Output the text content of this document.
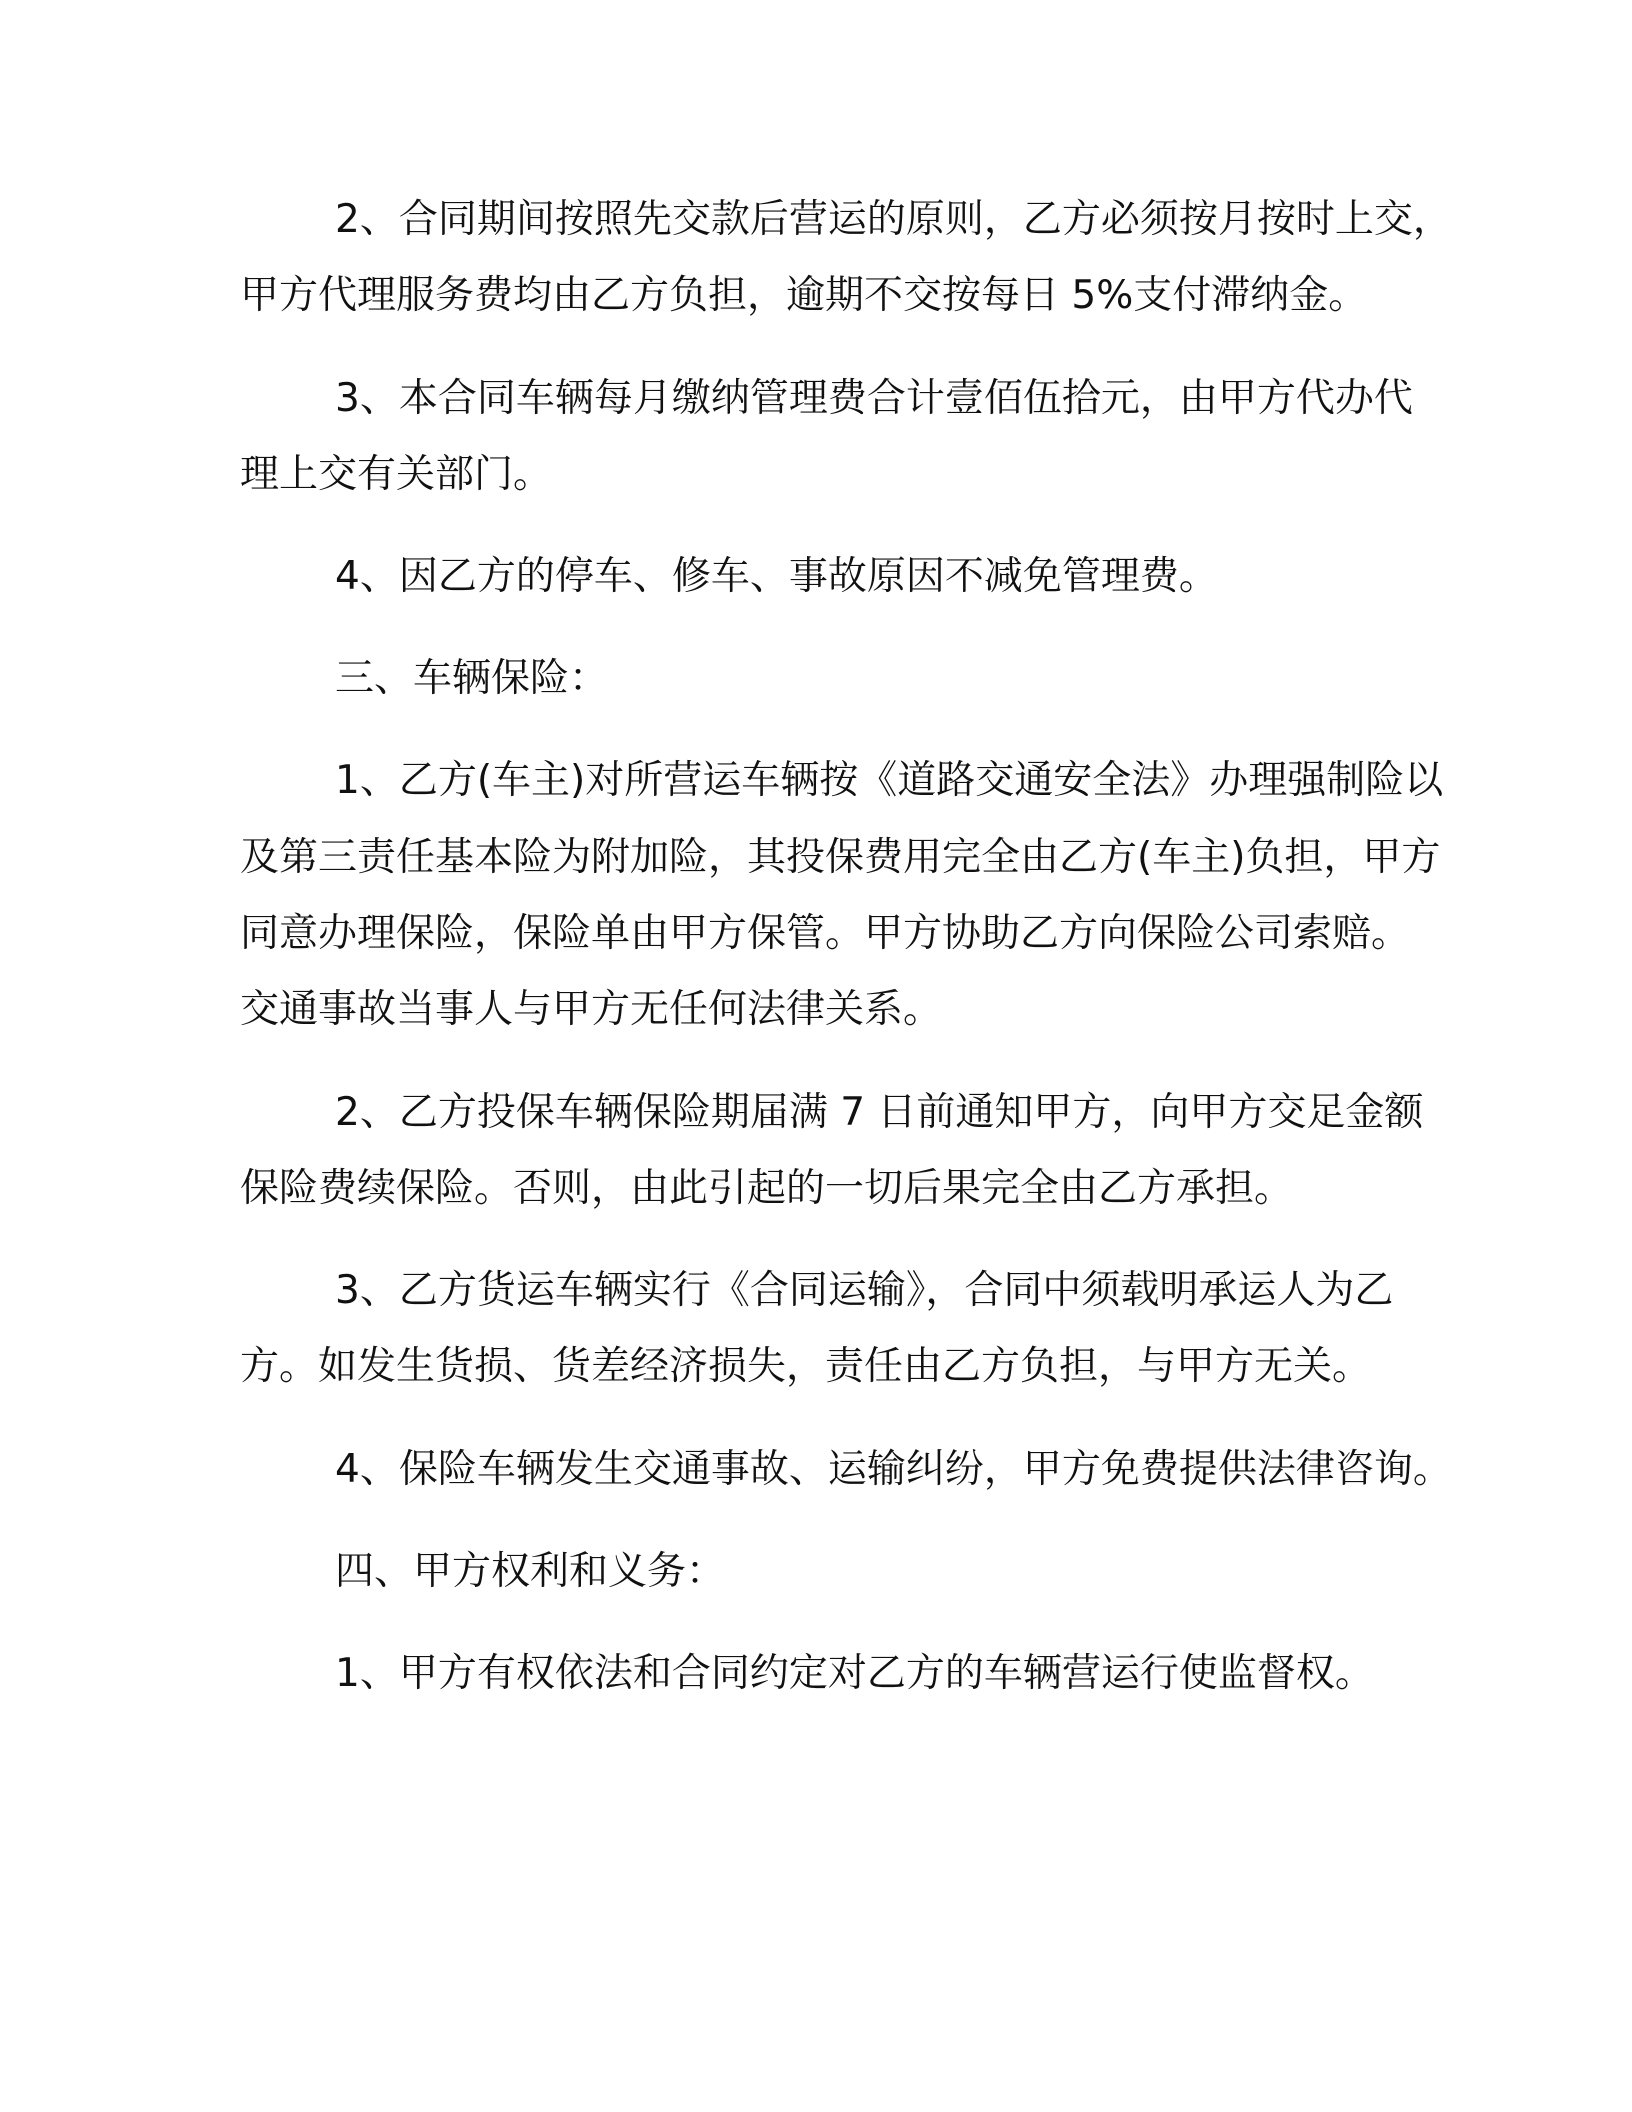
2、合同期间按照先交款后营运的原则，乙方必须按月按时上交，

甲方代理服务费均由乙方负担，逾期不交按每日 5%支付滞纳金。

3、本合同车辆每月缴纳管理费合计壹佰伍拾元，由甲方代办代

理上交有关部门。

4、因乙方的停车、修车、事故原因不减免管理费。

三、车辆保险：

1、乙方(车主)对所营运车辆按《道路交通安全法》办理强制险以

及第三责任基本险为附加险，其投保费用完全由乙方(车主)负担，甲方

同意办理保险，保险单由甲方保管。甲方协助乙方向保险公司索赔。

交通事故当事人与甲方无任何法律关系。

2、乙方投保车辆保险期届满 7 日前通知甲方，向甲方交足金额

保险费续保险。否则，由此引起的一切后果完全由乙方承担。

3、乙方货运车辆实行《合同运输》，合同中须载明承运人为乙

方。如发生货损、货差经济损失，责任由乙方负担，与甲方无关。

4、保险车辆发生交通事故、运输纠纷，甲方免费提供法律咨询。

四、甲方权利和义务：

1、甲方有权依法和合同约定对乙方的车辆营运行使监督权。
